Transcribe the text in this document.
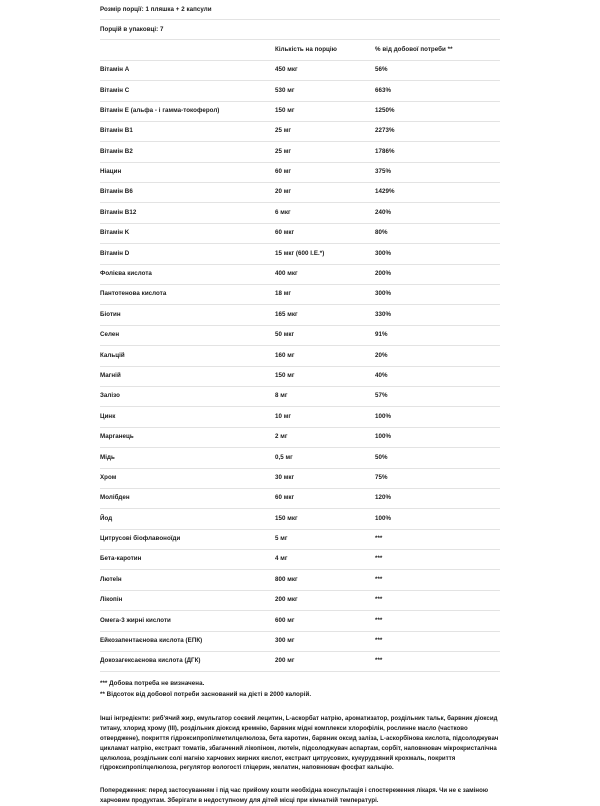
Розмір порції: 1 пляшка + 2 капсули
Порцій в упаковці: 7
	Кількість на порцію	% від добової потреби **
Вітамін A	450 мкг	56%
Вітамін C	530 мг	663%
Вітамін Е (альфа - і гамма-токоферол)	150 мг	1250%
Вітамін B1	25 мг	2273%
Вітамін B2	25 мг	1786%
Ніацин	60 мг	375%
Вітамін B6	20 мг	1429%
Вітамін B12	6 мкг	240%
Вітамін K	60 мкг	80%
Вітамін D	15 мкг (600 I.E.*)	300%
Фолієва кислота	400 мкг	200%
Пантотенова кислота	18 мг	300%
Біотин	165 мкг	330%
Селен	50 мкг	91%
Кальцій	160 мг	20%
Магній	150 мг	40%
Залізо	8 мг	57%
Цинк	10 мг	100%
Марганець	2 мг	100%
Мідь	0,5 мг	50%
Хром	30 мкг	75%
Молібден	60 мкг	120%
Йод	150 мкг	100%
Цитрусові біофлавоноїди	5 мг	***
Бета-каротин	4 мг	***
Лютеїн	800 мкг	***
Лікопін	200 мкг	***
Омега-3 жирні кислоти	600 мг	***
Ейкозапентаєнова кислота (ЕПК)	300 мг	***
Докозагексаєнова кислота (ДГК)	200 мг	***
*** Добова потреба не визначена.
** Відсоток від добової потреби заснований на дієті в 2000 калорій.

Інші інгредієнти: риб'ячий жир, емульгатор соєвий лецитин, L-аскорбат натрію, ароматизатор, роздільник тальк, барвник діоксид титану, хлорид хрому (III), роздільник діоксид кремнію, барвник мідні комплекси хлорофілін, рослинне масло (частково отверджене), покриття гідроксипропілметилцелюлоза, бета каротин, барвник оксид заліза, L-аскорбінова кислота, підсолоджувач цикламат натрію, екстракт томатів, збагачений лікопіном, лютеїн, підсолоджувач аспартам, сорбіт, наповнювач мікрокристалічна целюлоза, роздільник солі магнію харчових жирних кислот, екстракт цитрусових, кукурудзяний крохмаль, покриття гідроксипропілцелюлоза, регулятор вологості гліцерин, желатин, наповнювач фосфат кальцію.

Попередження: перед застосуванням і під час прийому кошти необхідна консультація і спостереження лікаря. Чи не є заміною харчовим продуктам. Зберігати в недоступному для дітей місці при кімнатній температурі.
